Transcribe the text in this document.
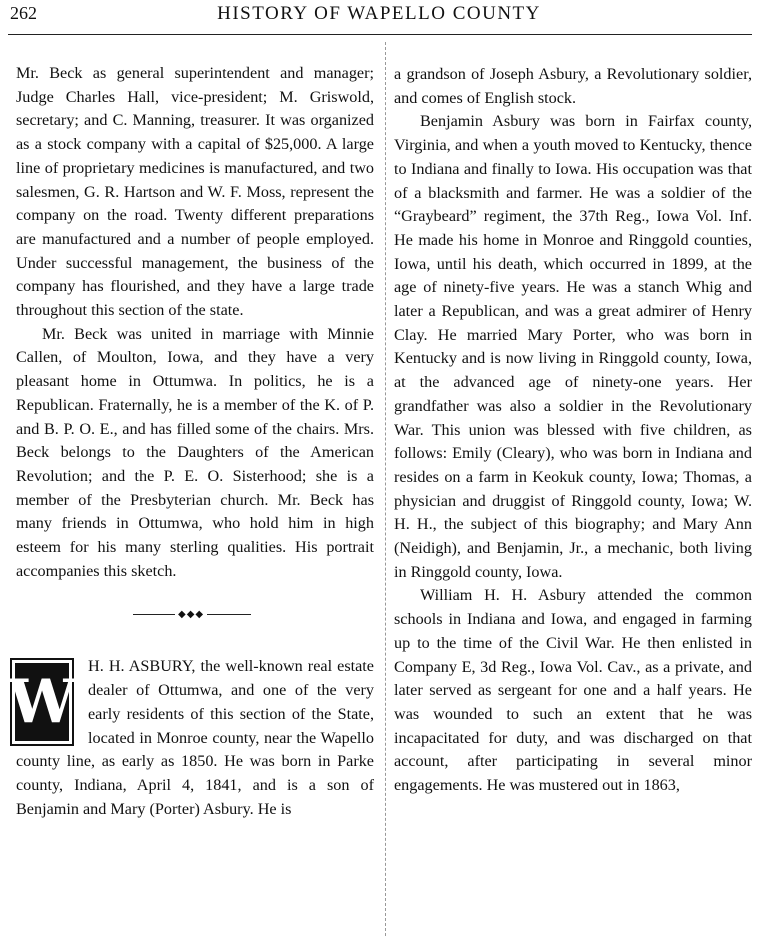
262	HISTORY OF WAPELLO COUNTY

Mr. Beck as general superintendent and manager; Judge Charles Hall, vice-president; M. Griswold, secretary; and C. Manning, treasurer. It was organized as a stock company with a capital of $25,000. A large line of proprietary medicines is manufactured, and two salesmen, G. R. Hartson and W. F. Moss, represent the company on the road. Twenty different preparations are manufactured and a number of people employed. Under successful management, the business of the company has flourished, and they have a large trade throughout this section of the state.

Mr. Beck was united in marriage with Minnie Callen, of Moulton, Iowa, and they have a very pleasant home in Ottumwa. In politics, he is a Republican. Fraternally, he is a member of the K. of P. and B. P. O. E., and has filled some of the chairs. Mrs. Beck belongs to the Daughters of the American Revolution; and the P. E. O. Sisterhood; she is a member of the Presbyterian church. Mr. Beck has many friends in Ottumwa, who hold him in high esteem for his many sterling qualities. His portrait accompanies this sketch.

◆◆◆
W

H. H. ASBURY, the well-known real estate dealer of Ottumwa, and one of the very early residents of this section of the State, located in Monroe county, near the Wapello county line, as early as 1850. He was born in Parke county, Indiana, April 4, 1841, and is a son of Benjamin and Mary (Porter) Asbury. He is

a grandson of Joseph Asbury, a Revolutionary soldier, and comes of English stock.

Benjamin Asbury was born in Fairfax county, Virginia, and when a youth moved to Kentucky, thence to Indiana and finally to Iowa. His occupation was that of a blacksmith and farmer. He was a soldier of the “Graybeard” regiment, the 37th Reg., Iowa Vol. Inf. He made his home in Monroe and Ringgold counties, Iowa, until his death, which occurred in 1899, at the age of ninety-five years. He was a stanch Whig and later a Republican, and was a great admirer of Henry Clay. He married Mary Porter, who was born in Kentucky and is now living in Ringgold county, Iowa, at the advanced age of ninety-one years. Her grandfather was also a soldier in the Revolutionary War. This union was blessed with five children, as follows: Emily (Cleary), who was born in Indiana and resides on a farm in Keokuk county, Iowa; Thomas, a physician and druggist of Ringgold county, Iowa; W. H. H., the subject of this biography; and Mary Ann (Neidigh), and Benjamin, Jr., a mechanic, both living in Ringgold county, Iowa.

William H. H. Asbury attended the common schools in Indiana and Iowa, and engaged in farming up to the time of the Civil War. He then enlisted in Company E, 3d Reg., Iowa Vol. Cav., as a private, and later served as sergeant for one and a half years. He was wounded to such an extent that he was incapacitated for duty, and was discharged on that account, after participating in several minor engagements. He was mustered out in 1863,
